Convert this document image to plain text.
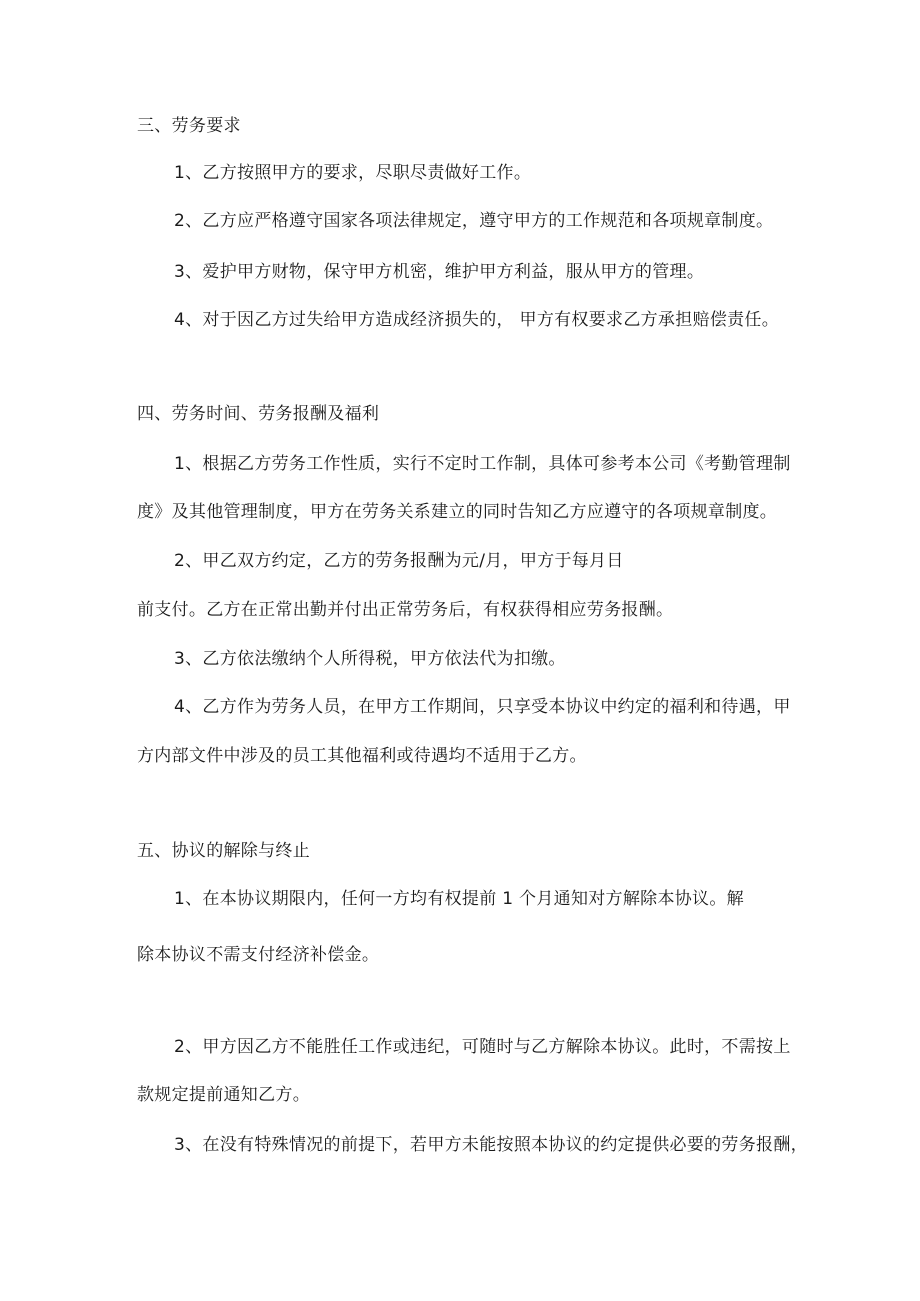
三、劳务要求
1、乙方按照甲方的要求，尽职尽责做好工作。
2、乙方应严格遵守国家各项法律规定，遵守甲方的工作规范和各项规章制度。
3、爱护甲方财物，保守甲方机密，维护甲方利益，服从甲方的管理。
4、对于因乙方过失给甲方造成经济损失的， 甲方有权要求乙方承担赔偿责任。
四、劳务时间、劳务报酬及福利
1、根据乙方劳务工作性质，实行不定时工作制，具体可参考本公司《考勤管理制
度》及其他管理制度，甲方在劳务关系建立的同时告知乙方应遵守的各项规章制度。
2、甲乙双方约定，乙方的劳务报酬为元/月，甲方于每月日
前支付。乙方在正常出勤并付出正常劳务后，有权获得相应劳务报酬。
3、乙方依法缴纳个人所得税，甲方依法代为扣缴。
4、乙方作为劳务人员，在甲方工作期间，只享受本协议中约定的福利和待遇，甲
方内部文件中涉及的员工其他福利或待遇均不适用于乙方。
五、协议的解除与终止
1、在本协议期限内，任何一方均有权提前 1 个月通知对方解除本协议。解
除本协议不需支付经济补偿金。
2、甲方因乙方不能胜任工作或违纪，可随时与乙方解除本协议。此时，不需按上
款规定提前通知乙方。
3、在没有特殊情况的前提下，若甲方未能按照本协议的约定提供必要的劳务报酬，
